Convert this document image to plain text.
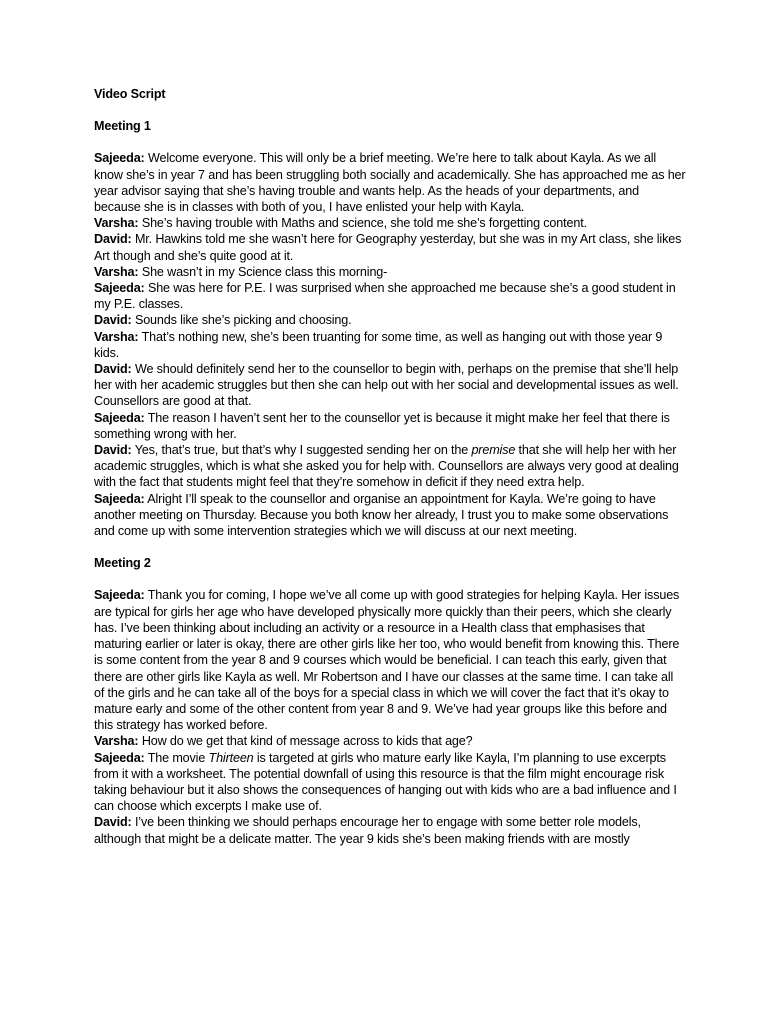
Video Script

Meeting 1

Sajeeda: Welcome everyone. This will only be a brief meeting. We’re here to talk about Kayla. As we all know she’s in year 7 and has been struggling both socially and academically. She has approached me as her year advisor saying that she’s having trouble and wants help. As the heads of your departments, and because she is in classes with both of you, I have enlisted your help with Kayla.

Varsha: She’s having trouble with Maths and science, she told me she’s forgetting content.

David: Mr. Hawkins told me she wasn’t here for Geography yesterday, but she was in my Art class, she likes Art though and she’s quite good at it.

Varsha: She wasn’t in my Science class this morning-

Sajeeda: She was here for P.E. I was surprised when she approached me because she’s a good student in my P.E. classes.

David: Sounds like she’s picking and choosing.

Varsha: That’s nothing new, she’s been truanting for some time, as well as hanging out with those year 9 kids.

David: We should definitely send her to the counsellor to begin with, perhaps on the premise that she’ll help her with her academic struggles but then she can help out with her social and developmental issues as well. Counsellors are good at that.

Sajeeda: The reason I haven’t sent her to the counsellor yet is because it might make her feel that there is something wrong with her.

David: Yes, that’s true, but that’s why I suggested sending her on the premise that she will help her with her academic struggles, which is what she asked you for help with. Counsellors are always very good at dealing with the fact that students might feel that they’re somehow in deficit if they need extra help.

Sajeeda: Alright I’ll speak to the counsellor and organise an appointment for Kayla. We’re going to have another meeting on Thursday. Because you both know her already, I trust you to make some observations and come up with some intervention strategies which we will discuss at our next meeting.

Meeting 2

Sajeeda: Thank you for coming, I hope we’ve all come up with good strategies for helping Kayla. Her issues are typical for girls her age who have developed physically more quickly than their peers, which she clearly has. I’ve been thinking about including an activity or a resource in a Health class that emphasises that maturing earlier or later is okay, there are other girls like her too, who would benefit from knowing this. There is some content from the year 8 and 9 courses which would be beneficial. I can teach this early, given that there are other girls like Kayla as well. Mr Robertson and I have our classes at the same time. I can take all of the girls and he can take all of the boys for a special class in which we will cover the fact that it’s okay to mature early and some of the other content from year 8 and 9. We’ve had year groups like this before and this strategy has worked before.

Varsha: How do we get that kind of message across to kids that age?

Sajeeda: The movie Thirteen is targeted at girls who mature early like Kayla, I’m planning to use excerpts from it with a worksheet. The potential downfall of using this resource is that the film might encourage risk taking behaviour but it also shows the consequences of hanging out with kids who are a bad influence and I can choose which excerpts I make use of.

David: I’ve been thinking we should perhaps encourage her to engage with some better role models, although that might be a delicate matter. The year 9 kids she’s been making friends with are mostly
